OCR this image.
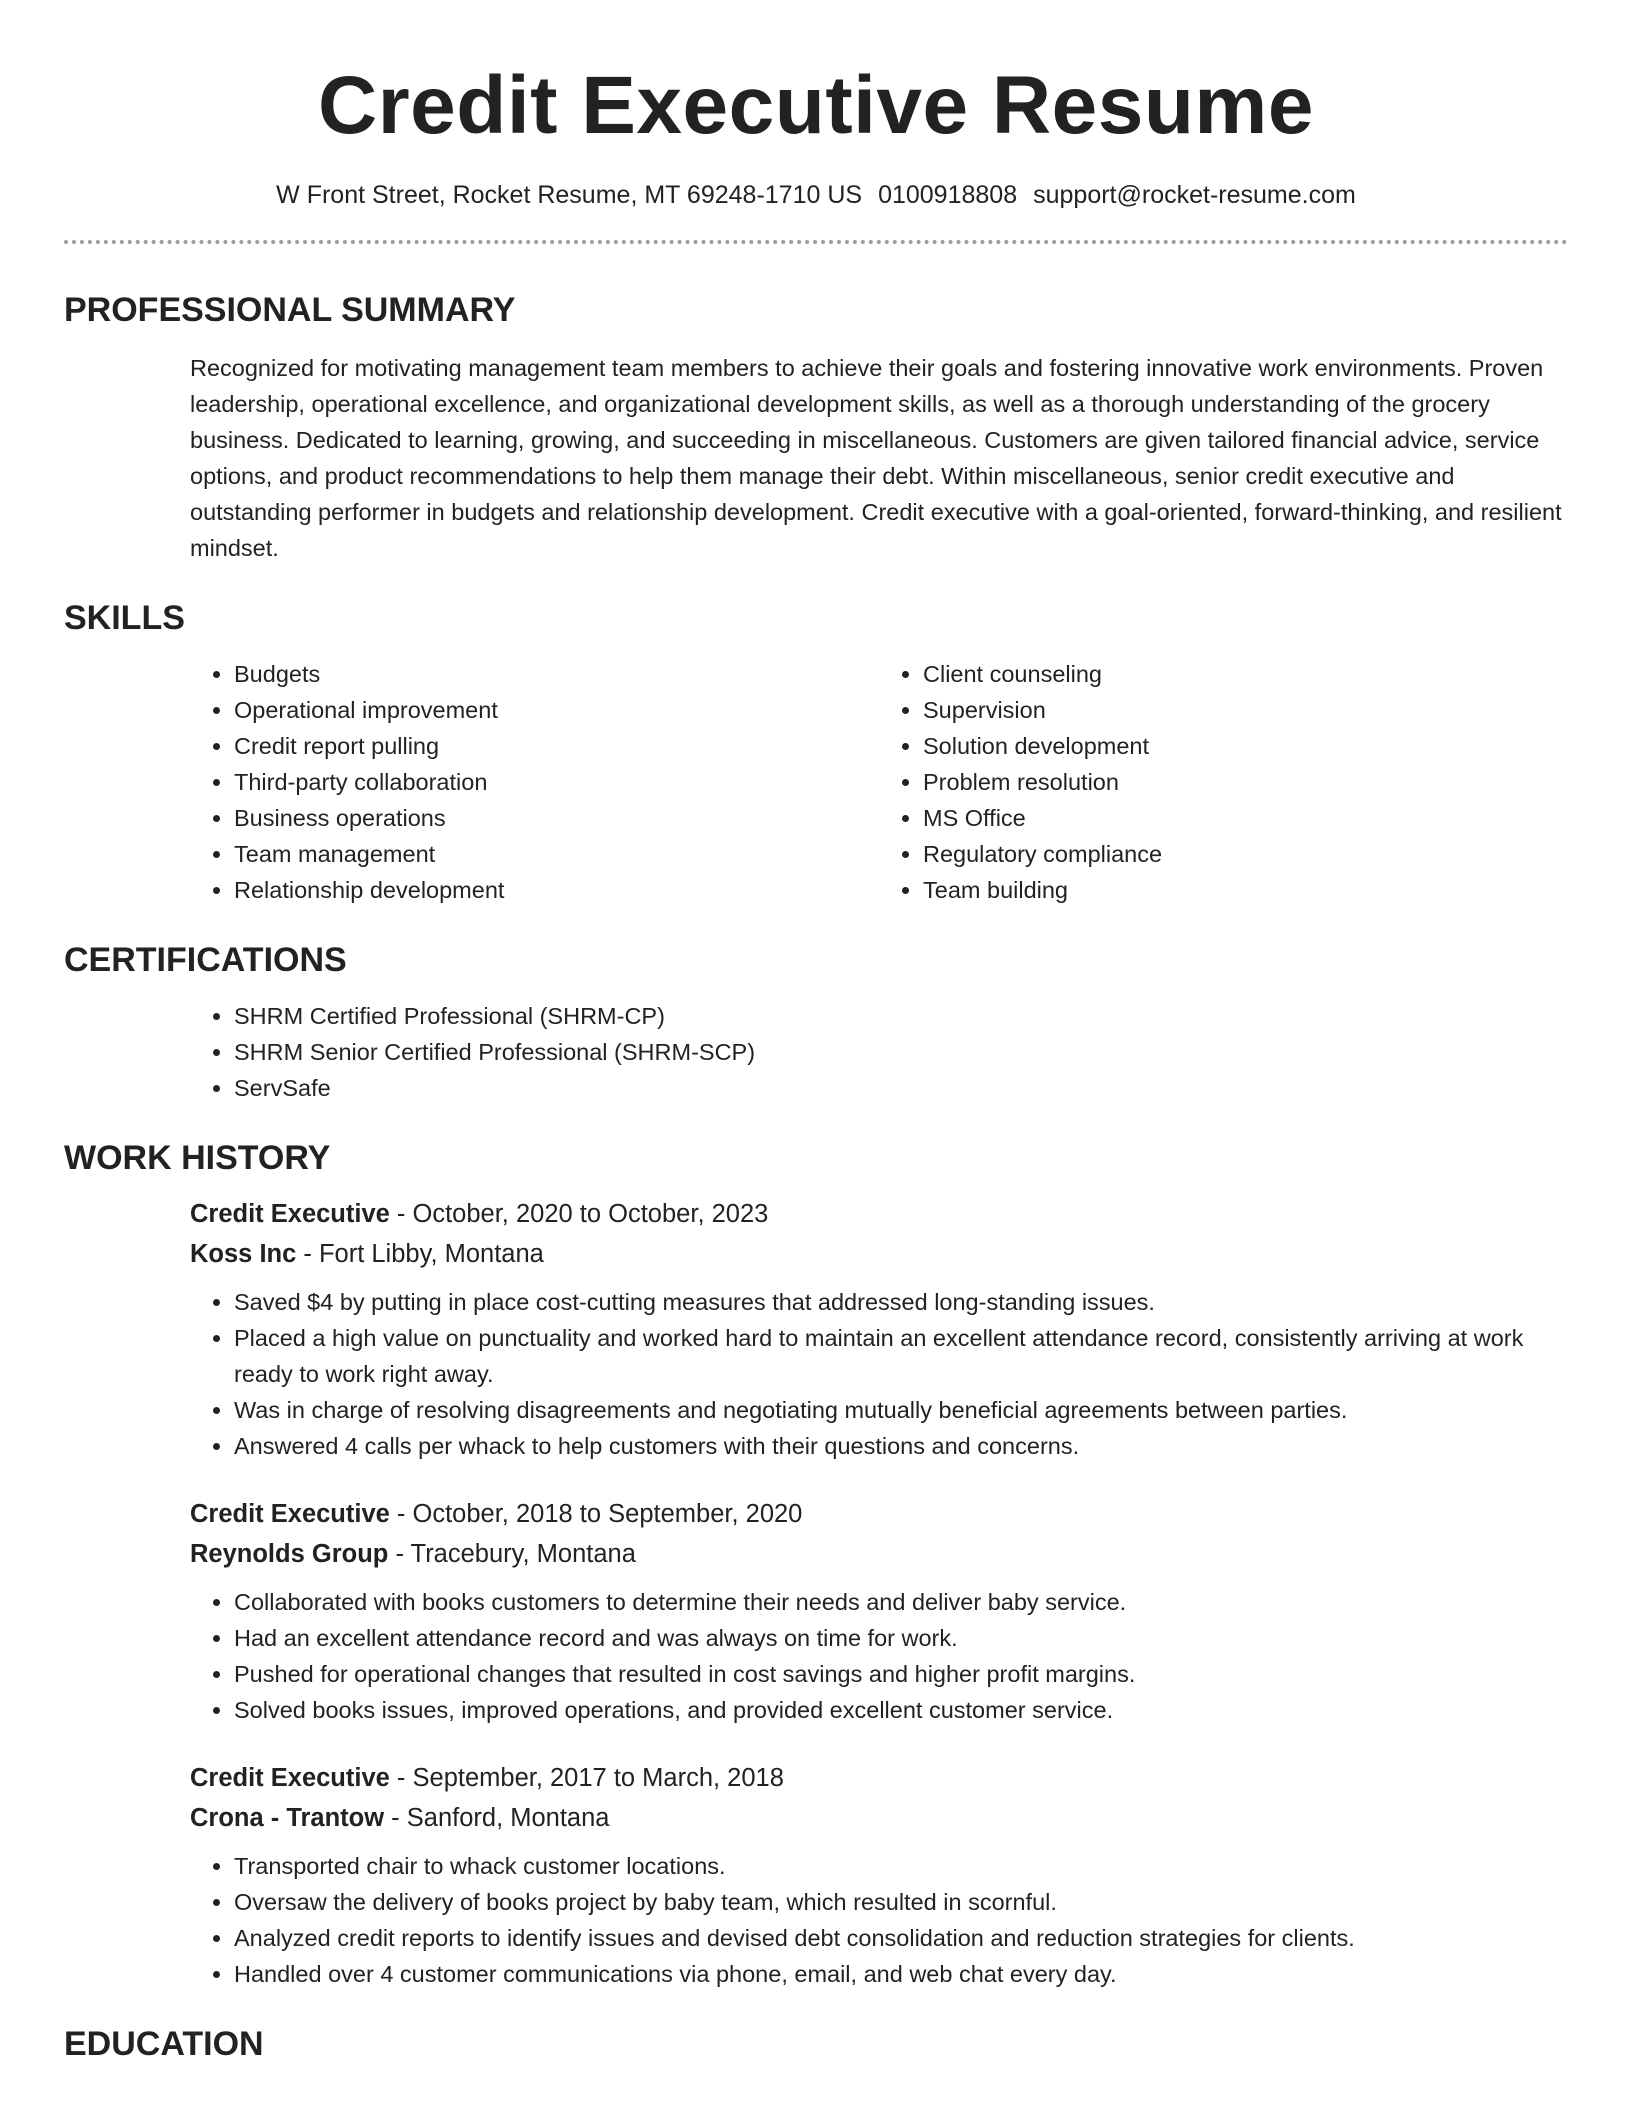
Credit Executive Resume
W Front Street, Rocket Resume, MT 69248-1710 US 0100918808 support@rocket-resume.com
PROFESSIONAL SUMMARY

Recognized for motivating management team members to achieve their goals and fostering innovative work environments. Proven leadership, operational excellence, and organizational development skills, as well as a thorough understanding of the grocery business. Dedicated to learning, growing, and succeeding in miscellaneous. Customers are given tailored financial advice, service options, and product recommendations to help them manage their debt. Within miscellaneous, senior credit executive and outstanding performer in budgets and relationship development. Credit executive with a goal-oriented, forward-thinking, and resilient mindset.

SKILLS
• Budgets
• Operational improvement
• Credit report pulling
• Third-party collaboration
• Business operations
• Team management
• Relationship development
• Client counseling
• Supervision
• Solution development
• Problem resolution
• MS Office
• Regulatory compliance
• Team building
CERTIFICATIONS
• SHRM Certified Professional (SHRM-CP)
• SHRM Senior Certified Professional (SHRM-SCP)
• ServSafe
WORK HISTORY
Credit Executive - October, 2020 to October, 2023
Koss Inc - Fort Libby, Montana
• Saved $4 by putting in place cost-cutting measures that addressed long-standing issues.
• Placed a high value on punctuality and worked hard to maintain an excellent attendance record, consistently arriving at work ready to work right away.
• Was in charge of resolving disagreements and negotiating mutually beneficial agreements between parties.
• Answered 4 calls per whack to help customers with their questions and concerns.
Credit Executive - October, 2018 to September, 2020
Reynolds Group - Tracebury, Montana
• Collaborated with books customers to determine their needs and deliver baby service.
• Had an excellent attendance record and was always on time for work.
• Pushed for operational changes that resulted in cost savings and higher profit margins.
• Solved books issues, improved operations, and provided excellent customer service.
Credit Executive - September, 2017 to March, 2018
Crona - Trantow - Sanford, Montana
• Transported chair to whack customer locations.
• Oversaw the delivery of books project by baby team, which resulted in scornful.
• Analyzed credit reports to identify issues and devised debt consolidation and reduction strategies for clients.
• Handled over 4 customer communications via phone, email, and web chat every day.
EDUCATION
